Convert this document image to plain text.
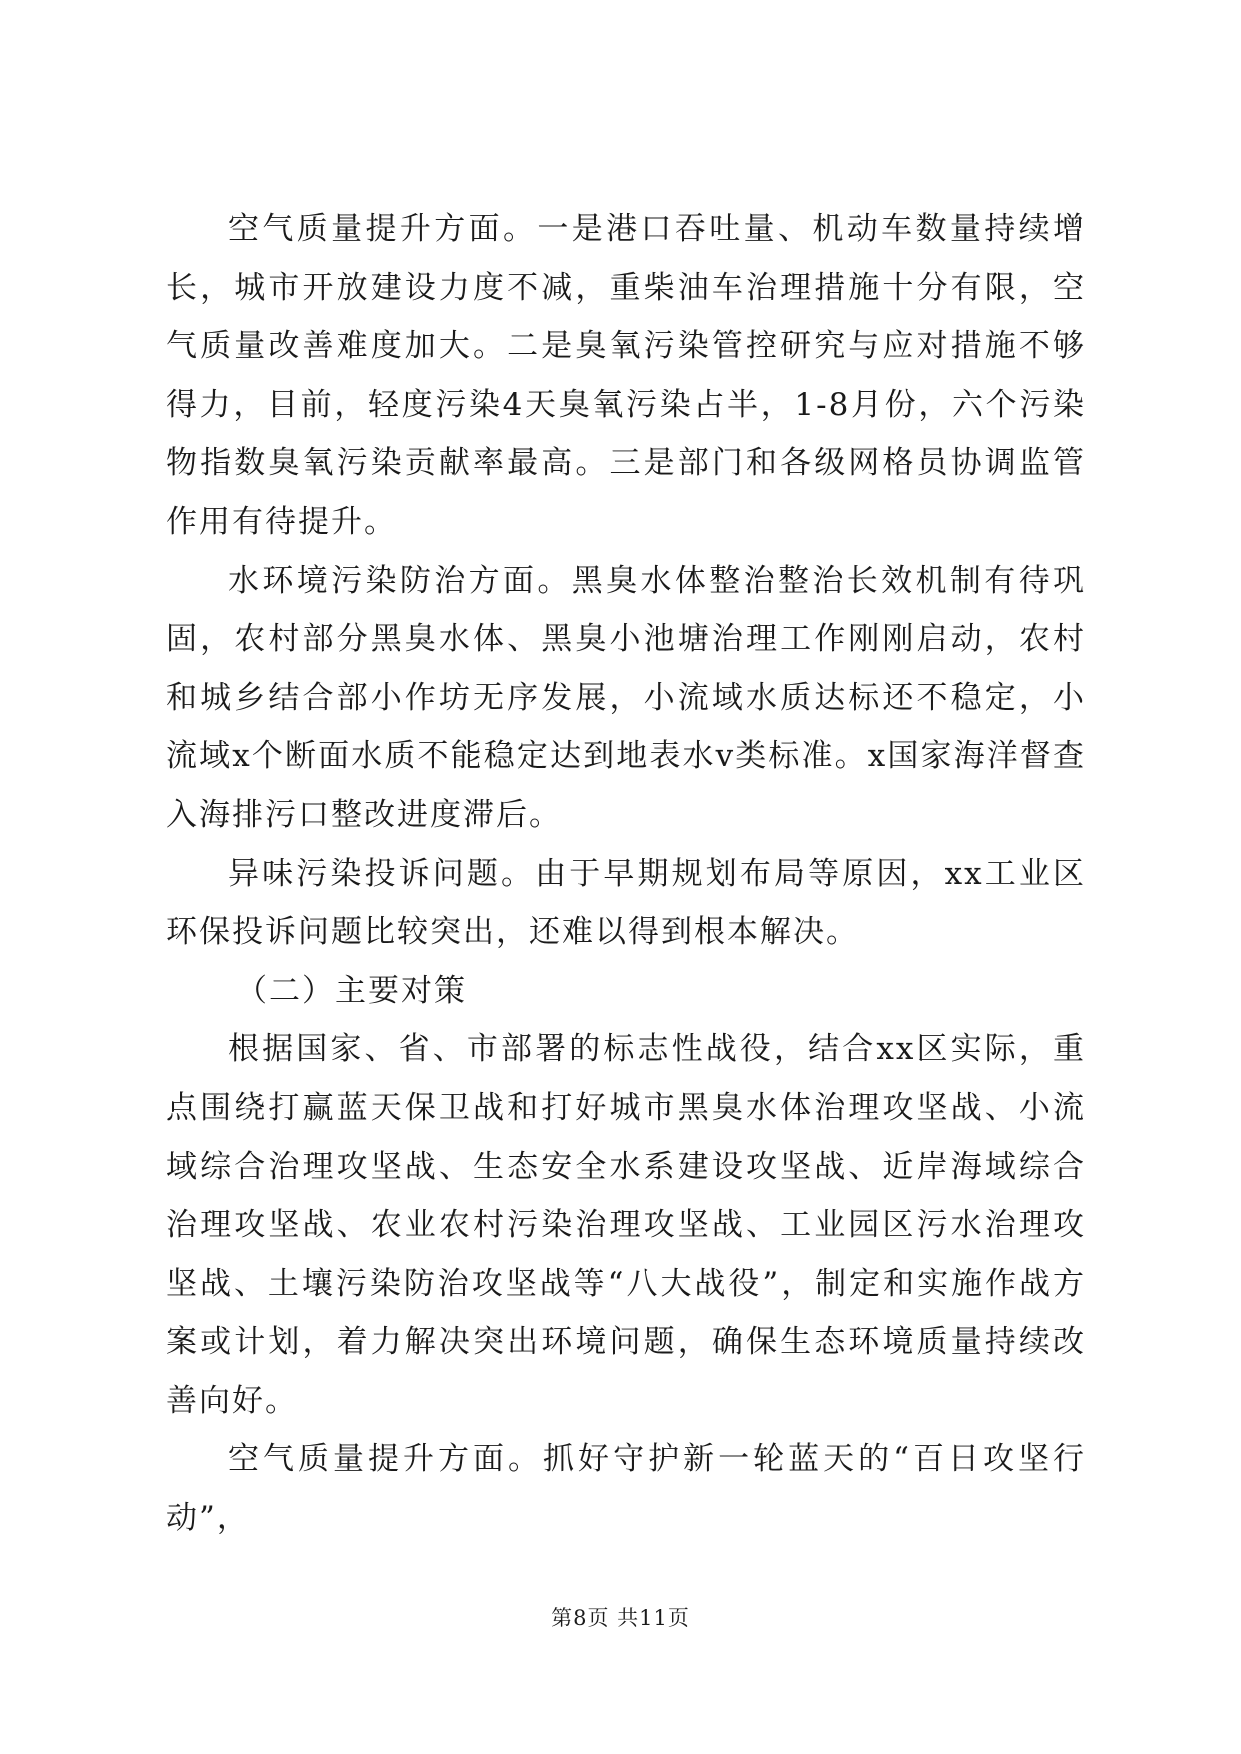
空气质量提升方面。一是港口吞吐量、机动车数量持续增长，城市开放建设力度不减，重柴油车治理措施十分有限，空气质量改善难度加大。二是臭氧污染管控研究与应对措施不够得力，目前，轻度污染4天臭氧污染占半，1-8月份，六个污染物指数臭氧污染贡献率最高。三是部门和各级网格员协调监管作用有待提升。

水环境污染防治方面。黑臭水体整治整治长效机制有待巩固，农村部分黑臭水体、黑臭小池塘治理工作刚刚启动，农村和城乡结合部小作坊无序发展，小流域水质达标还不稳定，小流域x个断面水质不能稳定达到地表水v类标准。x国家海洋督查入海排污口整改进度滞后。

异味污染投诉问题。由于早期规划布局等原因，xx工业区环保投诉问题比较突出，还难以得到根本解决。

（二）主要对策

根据国家、省、市部署的标志性战役，结合xx区实际，重点围绕打赢蓝天保卫战和打好城市黑臭水体治理攻坚战、小流域综合治理攻坚战、生态安全水系建设攻坚战、近岸海域综合治理攻坚战、农业农村污染治理攻坚战、工业园区污水治理攻坚战、土壤污染防治攻坚战等“八大战役”，制定和实施作战方案或计划，着力解决突出环境问题，确保生态环境质量持续改善向好。

空气质量提升方面。抓好守护新一轮蓝天的“百日攻坚行动”，

第8页 共11页
